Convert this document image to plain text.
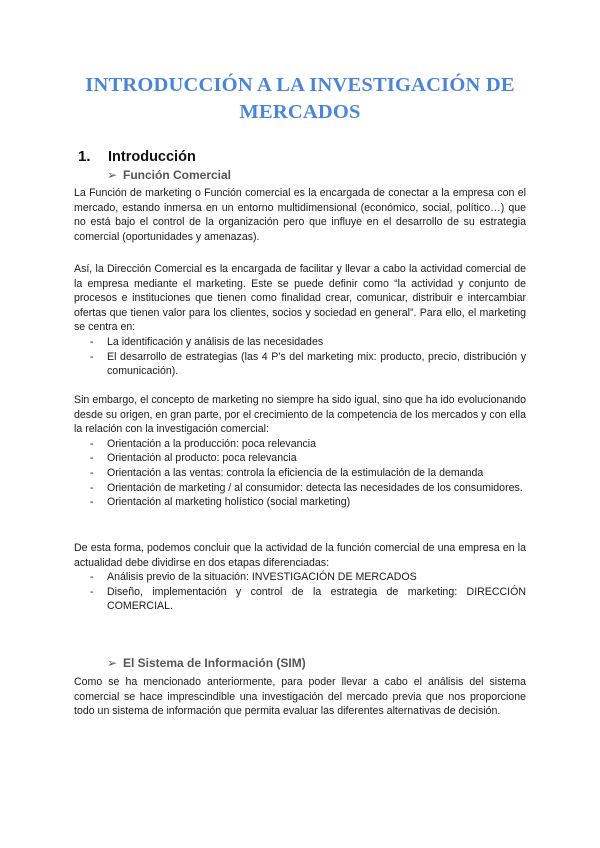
INTRODUCCIÓN A LA INVESTIGACIÓN DE
MERCADOS
1. Introducción
➢ Función Comercial

La Función de marketing o Función comercial es la encargada de conectar a la empresa con el mercado, estando inmersa en un entorno multidimensional (económico, social, político…) que no está bajo el control de la organización pero que influye en el desarrollo de su estrategia comercial (oportunidades y amenazas).

Así, la Dirección Comercial es la encargada de facilitar y llevar a cabo la actividad comercial de la empresa mediante el marketing. Este se puede definir como “la actividad y conjunto de procesos e instituciones que tienen como finalidad crear, comunicar, distribuir e intercambiar ofertas que tienen valor para los clientes, socios y sociedad en general”. Para ello, el marketing se centra en:

- La identificación y análisis de las necesidades
- El desarrollo de estrategias (las 4 P's del marketing mix: producto, precio, distribución y comunicación).

Sin embargo, el concepto de marketing no siempre ha sido igual, sino que ha ido evolucionando desde su origen, en gran parte, por el crecimiento de la competencia de los mercados y con ella la relación con la investigación comercial:

- Orientación a la producción: poca relevancia
- Orientación al producto: poca relevancia
- Orientación a las ventas: controla la eficiencia de la estimulación de la demanda
- Orientación de marketing / al consumidor: detecta las necesidades de los consumidores.
- Orientación al marketing holístico (social marketing)

De esta forma, podemos concluir que la actividad de la función comercial de una empresa en la actualidad debe dividirse en dos etapas diferenciadas:

- Análisis previo de la situación: INVESTIGACIÓN DE MERCADOS
- Diseño, implementación y control de la estrategia de marketing: DIRECCIÓN COMERCIAL.
➢ El Sistema de Información (SIM)

Como se ha mencionado anteriormente, para poder llevar a cabo el análisis del sistema comercial se hace imprescindible una investigación del mercado previa que nos proporcione todo un sistema de información que permita evaluar las diferentes alternativas de decisión.
